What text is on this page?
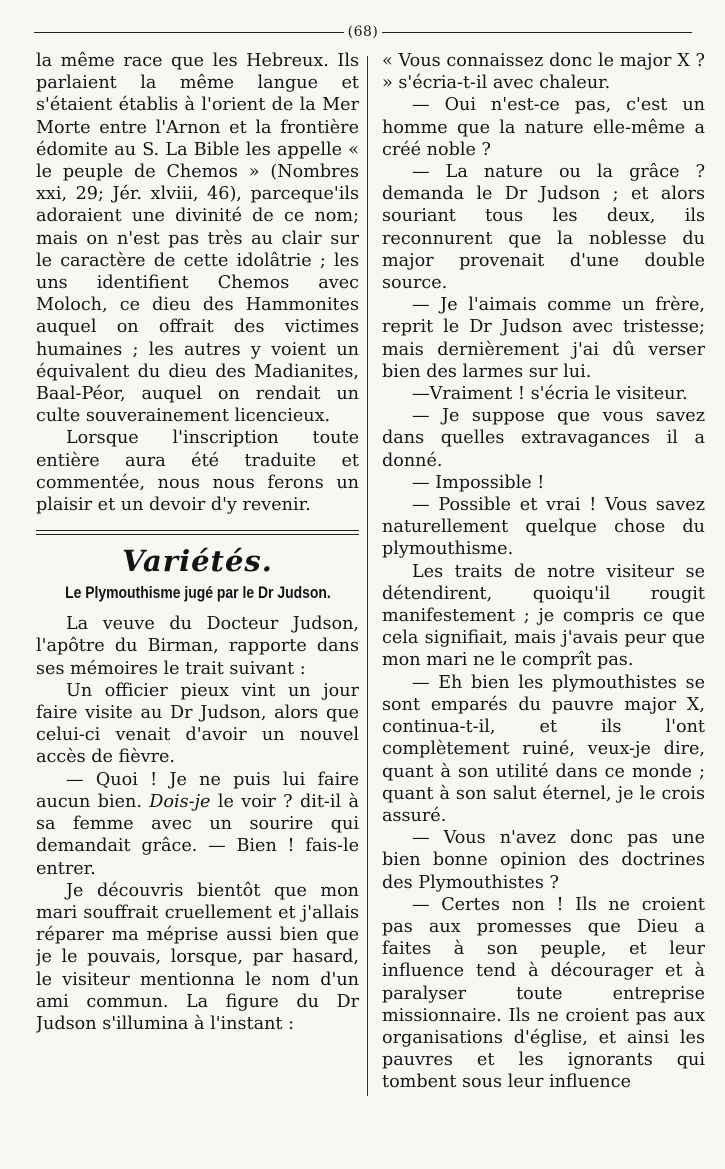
(68)

la même race que les Hebreux. Ils parlaient la même langue et s'étaient établis à l'orient de la Mer Morte entre l'Arnon et la frontière édomite au S. La Bible les appelle « le peuple de Chemos » (Nombres xxi, 29; Jér. xlviii, 46), parceque'ils adoraient une divinité de ce nom; mais on n'est pas très au clair sur le caractère de cette idolâtrie ; les uns identifient Chemos avec Moloch, ce dieu des Hammonites auquel on offrait des victimes humaines ; les autres y voient un équivalent du dieu des Madianites, Baal-Péor, auquel on rendait un culte souverainement licencieux.

Lorsque l'inscription toute entière aura été traduite et commentée, nous nous ferons un plaisir et un devoir d'y revenir.

Variétés.
Le Plymouthisme jugé par le Dr Judson.

La veuve du Docteur Judson, l'apôtre du Birman, rapporte dans ses mémoires le trait suivant :

Un officier pieux vint un jour faire visite au Dr Judson, alors que celui-ci venait d'avoir un nouvel accès de fièvre.

— Quoi ! Je ne puis lui faire aucun bien. Dois-je le voir ? dit-il à sa femme avec un sourire qui demandait grâce. — Bien ! fais-le entrer.

Je découvris bientôt que mon mari souffrait cruellement et j'allais réparer ma méprise aussi bien que je le pouvais, lorsque, par hasard, le visiteur mentionna le nom d'un ami commun. La figure du Dr Judson s'illumina à l'instant :

« Vous connaissez donc le major X ? » s'écria-t-il avec chaleur.

— Oui n'est-ce pas, c'est un homme que la nature elle-même a créé noble ?

— La nature ou la grâce ? demanda le Dr Judson ; et alors souriant tous les deux, ils reconnurent que la noblesse du major provenait d'une double source.

— Je l'aimais comme un frère, reprit le Dr Judson avec tristesse; mais dernièrement j'ai dû verser bien des larmes sur lui.

—Vraiment ! s'écria le visiteur.

— Je suppose que vous savez dans quelles extravagances il a donné.

— Impossible !

— Possible et vrai ! Vous savez naturellement quelque chose du plymouthisme.

Les traits de notre visiteur se détendirent, quoiqu'il rougit manifestement ; je compris ce que cela signifiait, mais j'avais peur que mon mari ne le comprît pas.

— Eh bien les plymouthistes se sont emparés du pauvre major X, continua-t-il, et ils l'ont complètement ruiné, veux-je dire, quant à son utilité dans ce monde ; quant à son salut éternel, je le crois assuré.

— Vous n'avez donc pas une bien bonne opinion des doctrines des Plymouthistes ?

— Certes non ! Ils ne croient pas aux promesses que Dieu a faites à son peuple, et leur influence tend à décourager et à paralyser toute entreprise missionnaire. Ils ne croient pas aux organisations d'église, et ainsi les pauvres et les ignorants qui tombent sous leur influence
